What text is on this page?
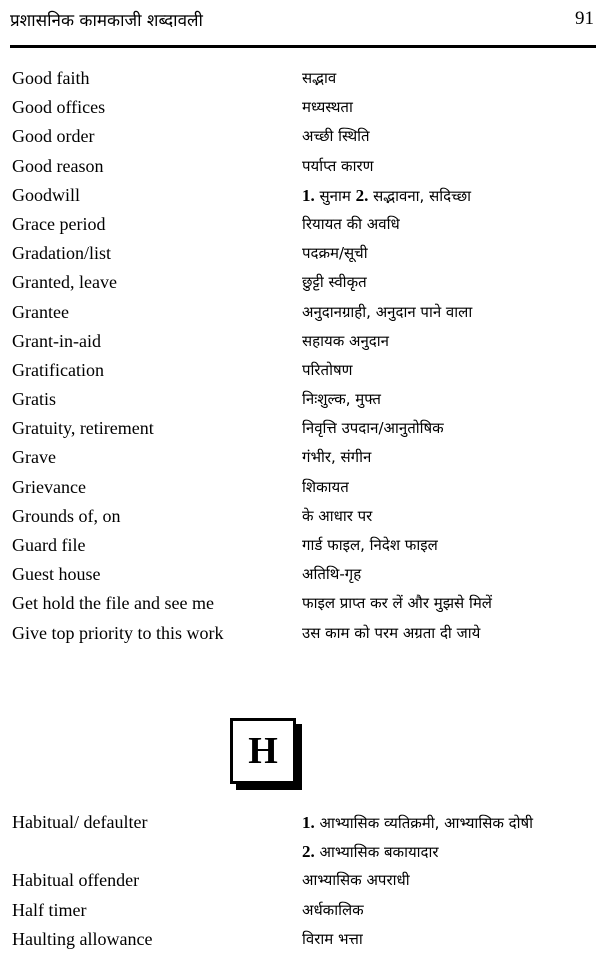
प्रशासनिक कामकाजी शब्दावली	91
Good faith	सद्भाव
Good offices	मध्यस्थता
Good order	अच्छी स्थिति
Good reason	पर्याप्त कारण
Goodwill	1. सुनाम 2. सद्भावना, सदिच्छा
Grace period	रियायत की अवधि
Gradation/list	पदक्रम/सूची
Granted, leave	छुट्टी स्वीकृत
Grantee	अनुदानग्राही, अनुदान पाने वाला
Grant-in-aid	सहायक अनुदान
Gratification	परितोषण
Gratis	निःशुल्क, मुफ्त
Gratuity, retirement	निवृत्ति उपदान/आनुतोषिक
Grave	गंभीर, संगीन
Grievance	शिकायत
Grounds of, on	के आधार पर
Guard file	गार्ड फाइल, निदेश फाइल
Guest house	अतिथि-गृह
Get hold the file and see me	फाइल प्राप्त कर लें और मुझसे मिलें
Give top priority to this work	उस काम को परम अग्रता दी जाये
H
Habitual/ defaulter	1. आभ्यासिक व्यतिक्रमी, आभ्यासिक दोषी
2. आभ्यासिक बकायादार
Habitual offender	आभ्यासिक अपराधी
Half timer	अर्धकालिक
Haulting allowance	विराम भत्ता
